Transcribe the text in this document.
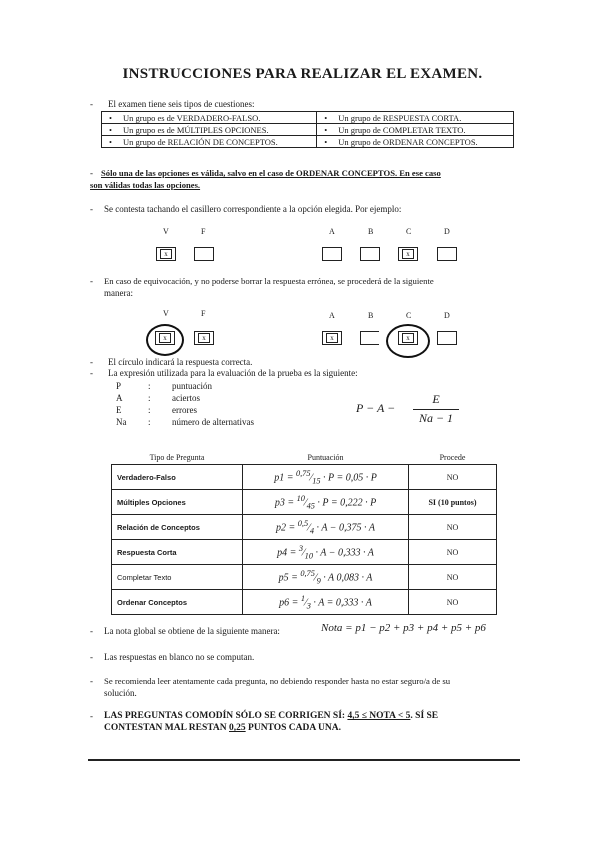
INSTRUCCIONES PARA REALIZAR EL EXAMEN.
- El examen tiene seis tipos de cuestiones:
•	Un grupo es de VERDADERO-FALSO.	•	Un grupo de RESPUESTA CORTA.
•	Un grupo es de MÚLTIPLES OPCIONES.	•	Un grupo de COMPLETAR TEXTO.
•	Un grupo de RELACIÓN DE CONCEPTOS.	•	Un grupo de ORDENAR CONCEPTOS.
- Sólo una de las opciones es válida, salvo en el caso de ORDENAR CONCEPTOS. En ese caso
son válidas todas las opciones.
- Se contesta tachando el casillero correspondiente a la opción elegida. Por ejemplo:
V	F	A	B	C	D
x	x
- En caso de equivocación, y no poderse borrar la respuesta errónea, se procederá de la siguiente
manera:
V	F	A	B	C	D
x	x	x	x
- El círculo indicará la respuesta correcta.
- La expresión utilizada para la evaluación de la prueba es la siguiente:
P	: puntuación
A	: aciertos
E	: errores
Na : número de alternativas
P − A −
E
Na − 1
Tipo de Pregunta	Puntuación	Procede
Verdadero-Falso	$p1 = ^{0,75}⁄_{15} \cdot P = 0,05 \cdot P$	NO
Múltiples Opciones	$p3 = ^{10}⁄_{45} \cdot P = 0,222 \cdot P$	SI (10 puntos)
Relación de Conceptos	$p2 = ^{0,5}⁄_4 \cdot A - 0,375 \cdot A$	NO
Respuesta Corta	$p4 = ^3⁄_{10} \cdot A - 0,333 \cdot A$	NO
Completar Texto	$p5 = ^{0,75}⁄_9 \cdot A$ 0,083 · A	NO
Ordenar Conceptos	$p6 = ^1⁄_3 \cdot A = 0,333 \cdot A$	NO
- La nota global se obtiene de la siguiente manera:	Nota = p1 − p2 + p3 + p4 + p5 + p6
- Las respuestas en blanco no se computan.
- Se recomienda leer atentamente cada pregunta, no debiendo responder hasta no estar seguro/a de su
solución.
- LAS PREGUNTAS COMODÍN SÓLO SE CORRIGEN SÍ: 4,5 ≤ NOTA < 5. SÍ SE
CONTESTAN MAL RESTAN 0,25 PUNTOS CADA UNA.
